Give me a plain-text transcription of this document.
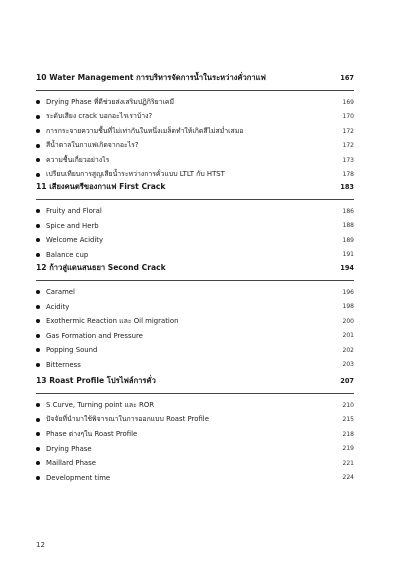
10 Water Management การบริหารจัดการน้ำในระหว่างคั่วกาแฟ	167
Drying Phase ที่ดีช่วยส่งเสริมปฏิกิริยาเคมี	169
ระดับเสียง crack บอกอะไรเราบ้าง?	170
การกระจายความชื้นที่ไม่เท่ากันในหนึ่งเมล็ดทำให้เกิดสีไม่สม่ำเสมอ	172
สีน้ำตาลในกาแฟเกิดจากอะไร?	172
ความชื้นเกี่ยวอย่างไร	173
เปรียบเทียบการสูญเสียน้ำระหว่างการคั่วแบบ LTLT กับ HTST	178
11 เสียงคนตรีของกาแฟ First Crack	183
Fruity and Floral	186
Spice and Herb	188
Welcome Acidity	189
Balance cup	191
12 ก้าวสู่แดนสนธยา Second Crack	194
Caramel	196
Acidity	198
Exothermic Reaction และ Oil migration	200
Gas Formation and Pressure	201
Popping Sound	202
Bitterness	203
13 Roast Profile โปรไฟล์การคั่ว	207
S Curve, Turning point และ ROR	210
ปัจจัยที่นำมาใช้พิจารณาในการออกแบบ Roast Profile	215
Phase ต่างๆใน Roast Profile	218
Drying Phase	219
Maillard Phase	221
Development time	224
12
